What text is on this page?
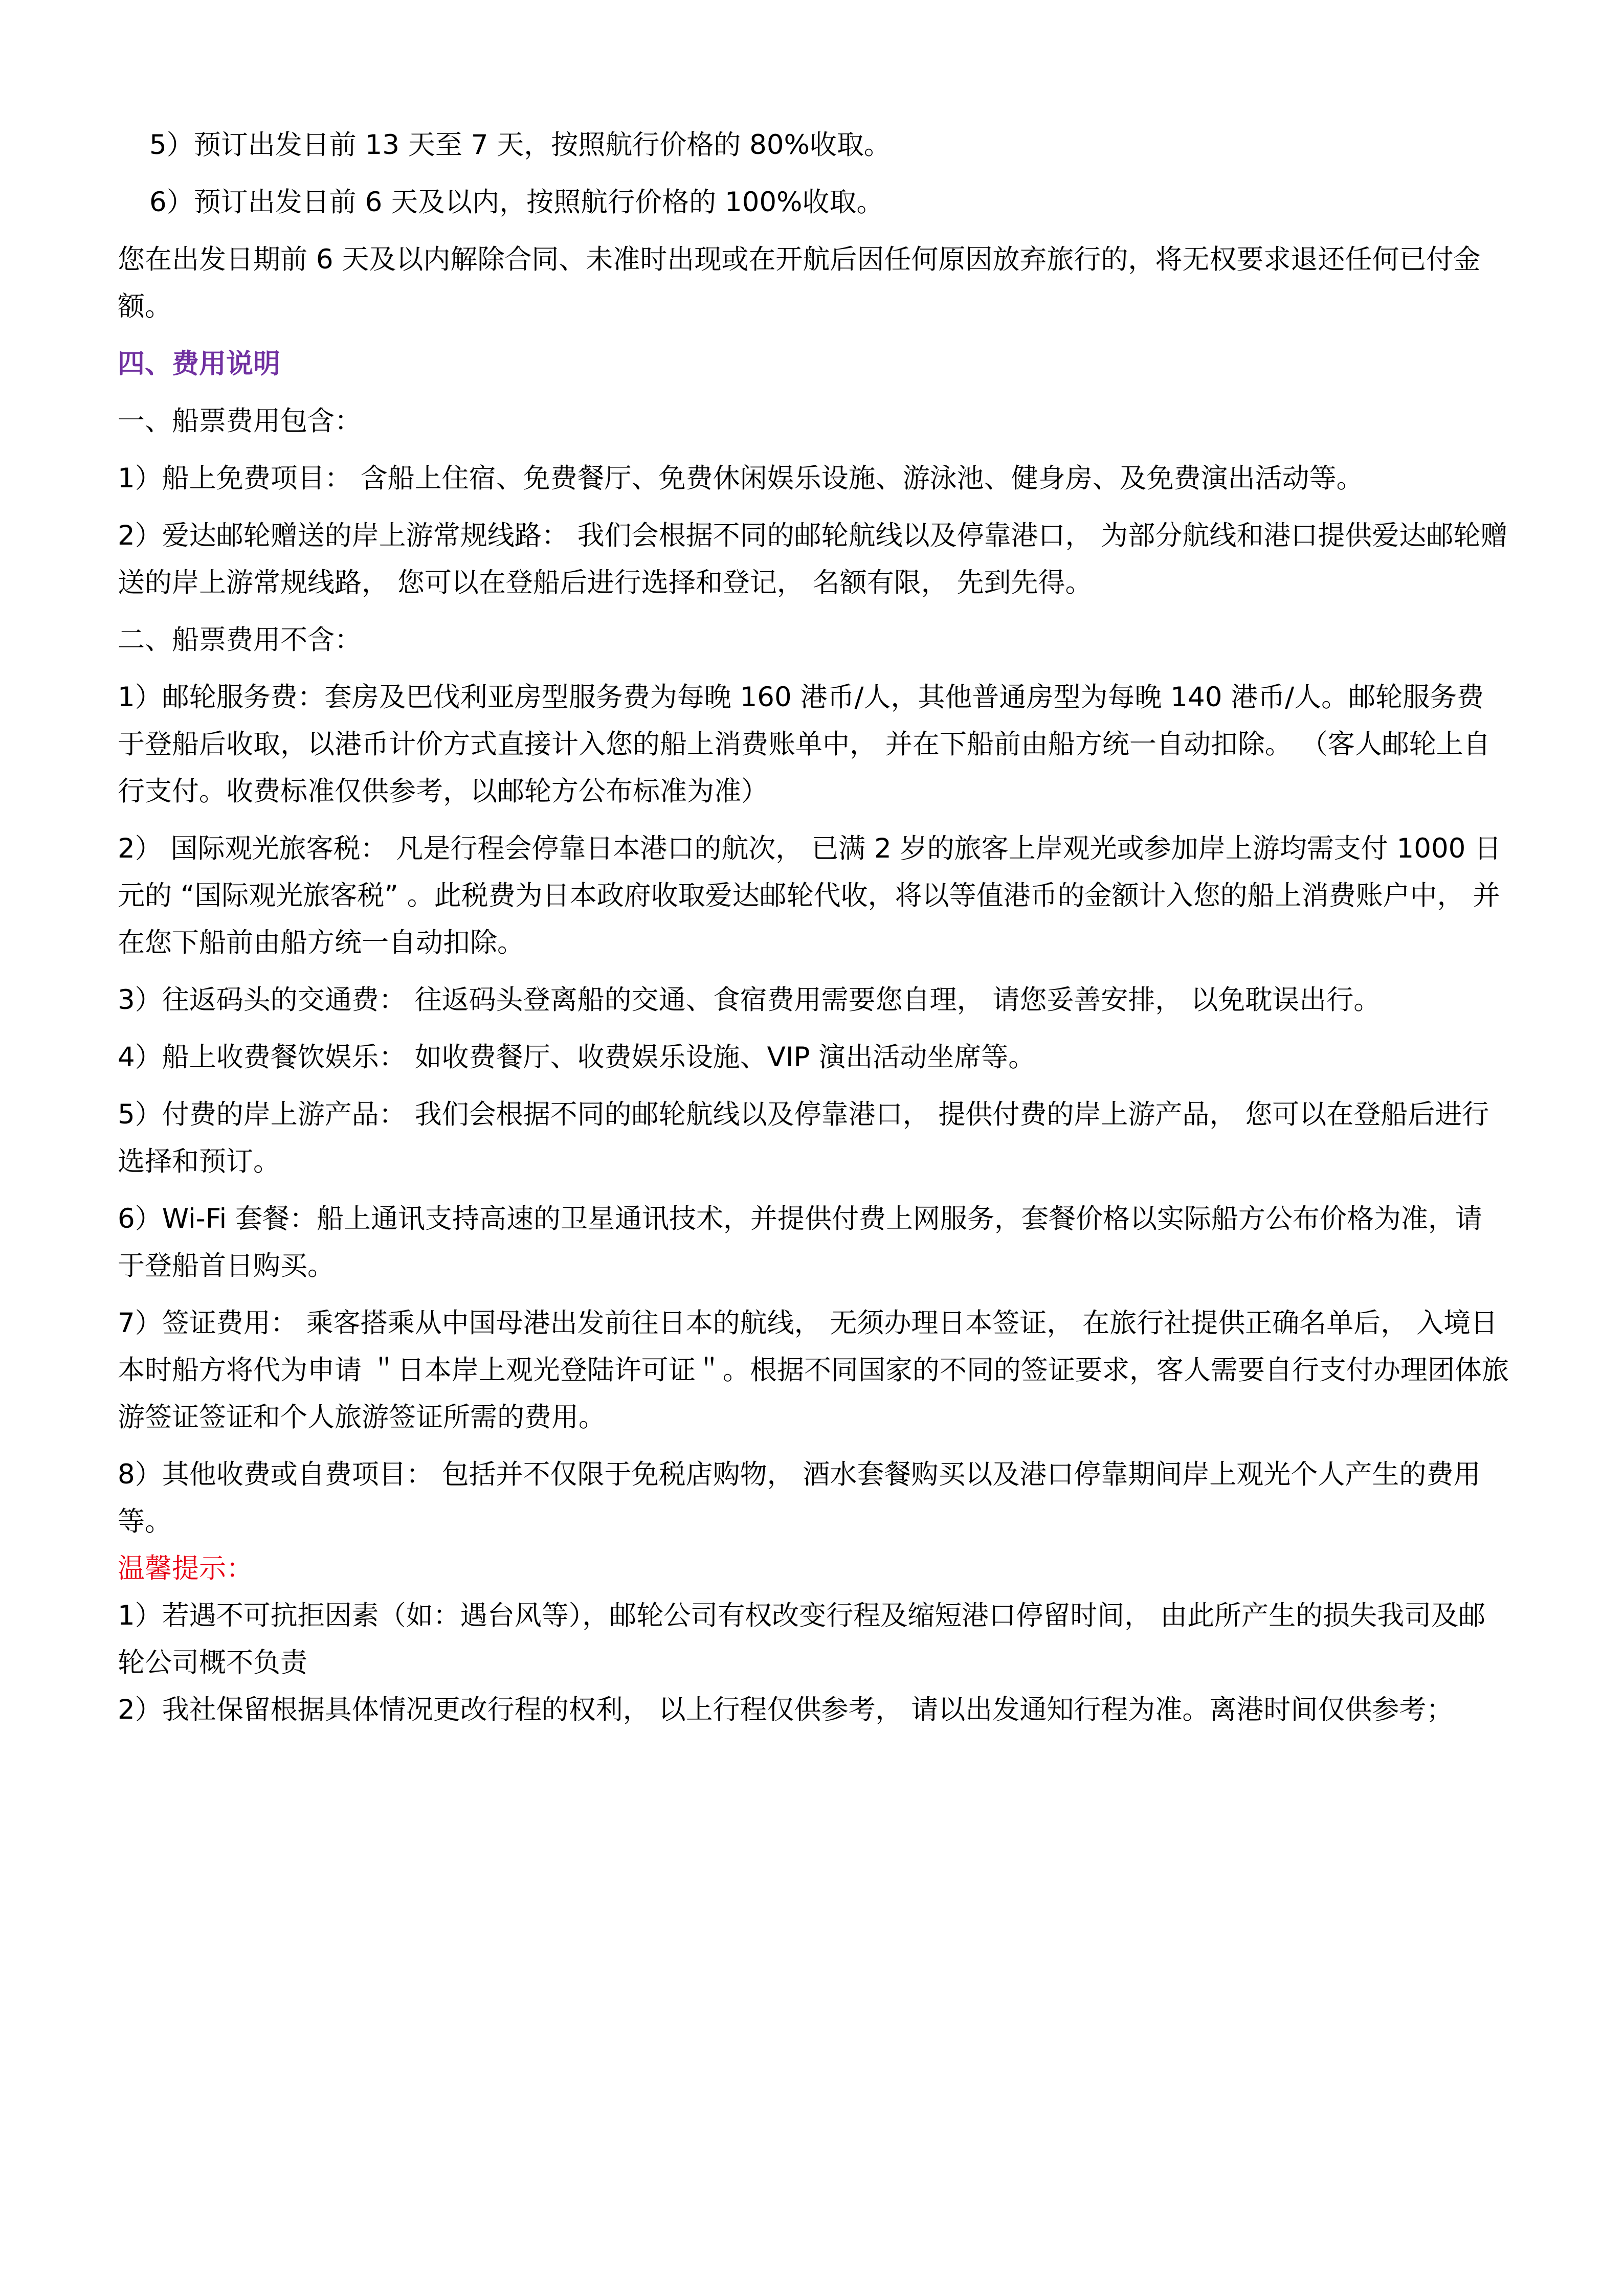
5）预订出发日前 13 天至 7 天，按照航行价格的 80%收取。

6）预订出发日前 6 天及以内，按照航行价格的 100%收取。

您在出发日期前 6 天及以内解除合同、未准时出现或在开航后因任何原因放弃旅行的，将无权要求退还任何已付金额。

四、费用说明

一、船票费用包含：

1）船上免费项目： 含船上住宿、免费餐厅、免费休闲娱乐设施、游泳池、健身房、及免费演出活动等。

2）爱达邮轮赠送的岸上游常规线路： 我们会根据不同的邮轮航线以及停靠港口， 为部分航线和港口提供爱达邮轮赠送的岸上游常规线路， 您可以在登船后进行选择和登记， 名额有限， 先到先得。

二、船票费用不含：

1）邮轮服务费：套房及巴伐利亚房型服务费为每晚 160 港币/人，其他普通房型为每晚 140 港币/人。邮轮服务费于登船后收取，以港币计价方式直接计入您的船上消费账单中， 并在下船前由船方统一自动扣除。 （客人邮轮上自行支付。收费标准仅供参考，以邮轮方公布标准为准）

2） 国际观光旅客税： 凡是行程会停靠日本港口的航次， 已满 2 岁的旅客上岸观光或参加岸上游均需支付 1000 日元的 “国际观光旅客税” 。此税费为日本政府收取爱达邮轮代收，将以等值港币的金额计入您的船上消费账户中， 并在您下船前由船方统一自动扣除。

3）往返码头的交通费： 往返码头登离船的交通、食宿费用需要您自理， 请您妥善安排， 以免耽误出行。

4）船上收费餐饮娱乐： 如收费餐厅、收费娱乐设施、VIP 演出活动坐席等。

5）付费的岸上游产品： 我们会根据不同的邮轮航线以及停靠港口， 提供付费的岸上游产品， 您可以在登船后进行选择和预订。

6）Wi-Fi 套餐：船上通讯支持高速的卫星通讯技术，并提供付费上网服务，套餐价格以实际船方公布价格为准，请于登船首日购买。

7）签证费用： 乘客搭乘从中国母港出发前往日本的航线， 无须办理日本签证， 在旅行社提供正确名单后， 入境日本时船方将代为申请 ＂日本岸上观光登陆许可证＂。根据不同国家的不同的签证要求，客人需要自行支付办理团体旅游签证签证和个人旅游签证所需的费用。

8）其他收费或自费项目： 包括并不仅限于免税店购物， 酒水套餐购买以及港口停靠期间岸上观光个人产生的费用等。

温馨提示：

1）若遇不可抗拒因素（如：遇台风等），邮轮公司有权改变行程及缩短港口停留时间， 由此所产生的损失我司及邮轮公司概不负责

2）我社保留根据具体情况更改行程的权利， 以上行程仅供参考， 请以出发通知行程为准。离港时间仅供参考；
